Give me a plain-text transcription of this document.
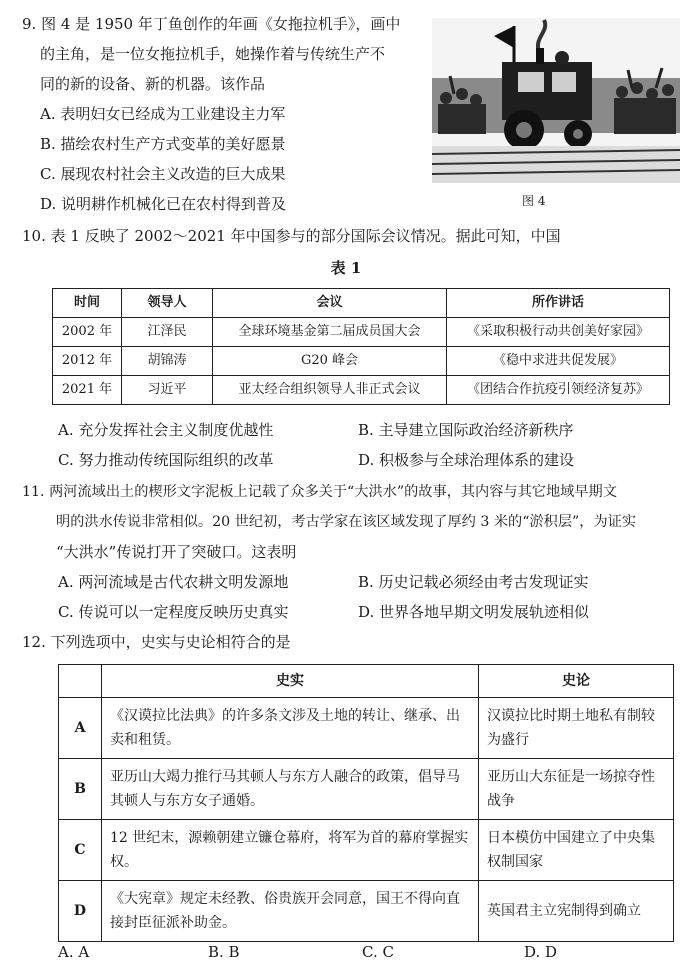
9. 图 4 是 1950 年丁鱼创作的年画《女拖拉机手》，画中
的主角，是一位女拖拉机手，她操作着与传统生产不
同的新的设备、新的机器。该作品
A. 表明妇女已经成为工业建设主力军
B. 描绘农村生产方式变革的美好愿景
C. 展现农村社会主义改造的巨大成果
D. 说明耕作机械化已在农村得到普及	图 4
10. 表 1 反映了 2002～2021 年中国参与的部分国际会议情况。据此可知，中国
表 1
时间	领导人	会议	所作讲话
2002 年	江泽民	全球环境基金第二届成员国大会	《采取积极行动共创美好家园》
2012 年	胡锦涛	G20 峰会	《稳中求进共促发展》
2021 年	习近平	亚太经合组织领导人非正式会议	《团结合作抗疫引领经济复苏》
A. 充分发挥社会主义制度优越性	B. 主导建立国际政治经济新秩序
C. 努力推动传统国际组织的改革	D. 积极参与全球治理体系的建设
11. 两河流域出土的楔形文字泥板上记载了众多关于“大洪水”的故事，其内容与其它地域早期文
明的洪水传说非常相似。20 世纪初，考古学家在该区域发现了厚约 3 米的“淤积层”，为证实
“大洪水”传说打开了突破口。这表明
A. 两河流域是古代农耕文明发源地	B. 历史记载必须经由考古发现证实
C. 传说可以一定程度反映历史真实	D. 世界各地早期文明发展轨迹相似
12. 下列选项中，史实与史论相符合的是
	史实	史论
A	《汉谟拉比法典》的许多条文涉及土地的转让、继承、出卖和租赁。	汉谟拉比时期土地私有制较为盛行
B	亚历山大竭力推行马其顿人与东方人融合的政策，倡导马其顿人与东方女子通婚。	亚历山大东征是一场掠夺性战争
C	12 世纪末，源赖朝建立镰仓幕府，将军为首的幕府掌握实权。	日本模仿中国建立了中央集权制国家
D	《大宪章》规定未经教、俗贵族开会同意，国王不得向直接封臣征派补助金。	英国君主立宪制得到确立
A. A	B. B	C. C	D. D
